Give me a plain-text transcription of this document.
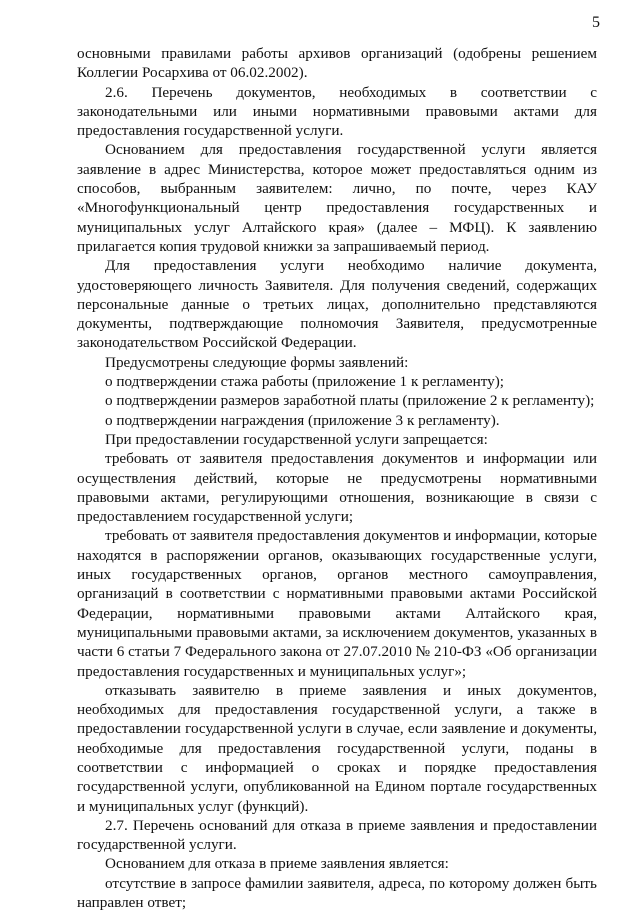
5

основными правилами работы архивов организаций (одобрены решением Коллегии Росархива от 06.02.2002).

2.6. Перечень документов, необходимых в соответствии с законодательными или иными нормативными правовыми актами для предоставления государственной услуги.

Основанием для предоставления государственной услуги является заявление в адрес Министерства, которое может предоставляться одним из способов, выбранным заявителем: лично, по почте, через КАУ «Многофункциональный центр предоставления государственных и муниципальных услуг Алтайского края» (далее – МФЦ). К заявлению прилагается копия трудовой книжки за запрашиваемый период.

Для предоставления услуги необходимо наличие документа, удостоверяющего личность Заявителя. Для получения сведений, содержащих персональные данные о третьих лицах, дополнительно представляются документы, подтверждающие полномочия Заявителя, предусмотренные законодательством Российской Федерации.

Предусмотрены следующие формы заявлений:

о подтверждении стажа работы (приложение 1 к регламенту);

о подтверждении размеров заработной платы (приложение 2 к регламенту);

о подтверждении награждения (приложение 3 к регламенту).

При предоставлении государственной услуги запрещается:

требовать от заявителя предоставления документов и информации или осуществления действий, которые не предусмотрены нормативными правовыми актами, регулирующими отношения, возникающие в связи с предоставлением государственной услуги;

требовать от заявителя предоставления документов и информации, которые находятся в распоряжении органов, оказывающих государственные услуги, иных государственных органов, органов местного самоуправления, организаций в соответствии с нормативными правовыми актами Российской Федерации, нормативными правовыми актами Алтайского края, муниципальными правовыми актами, за исключением документов, указанных в части 6 статьи 7 Федерального закона от 27.07.2010 № 210-ФЗ «Об организации предоставления государственных и муниципальных услуг»;

отказывать заявителю в приеме заявления и иных документов, необходимых для предоставления государственной услуги, а также в предоставлении государственной услуги в случае, если заявление и документы, необходимые для предоставления государственной услуги, поданы в соответствии с информацией о сроках и порядке предоставления государственной услуги, опубликованной на Едином портале государственных и муниципальных услуг (функций).

2.7. Перечень оснований для отказа в приеме заявления и предоставлении государственной услуги.

Основанием для отказа в приеме заявления является:

отсутствие в запросе фамилии заявителя, адреса, по которому должен быть направлен ответ;
